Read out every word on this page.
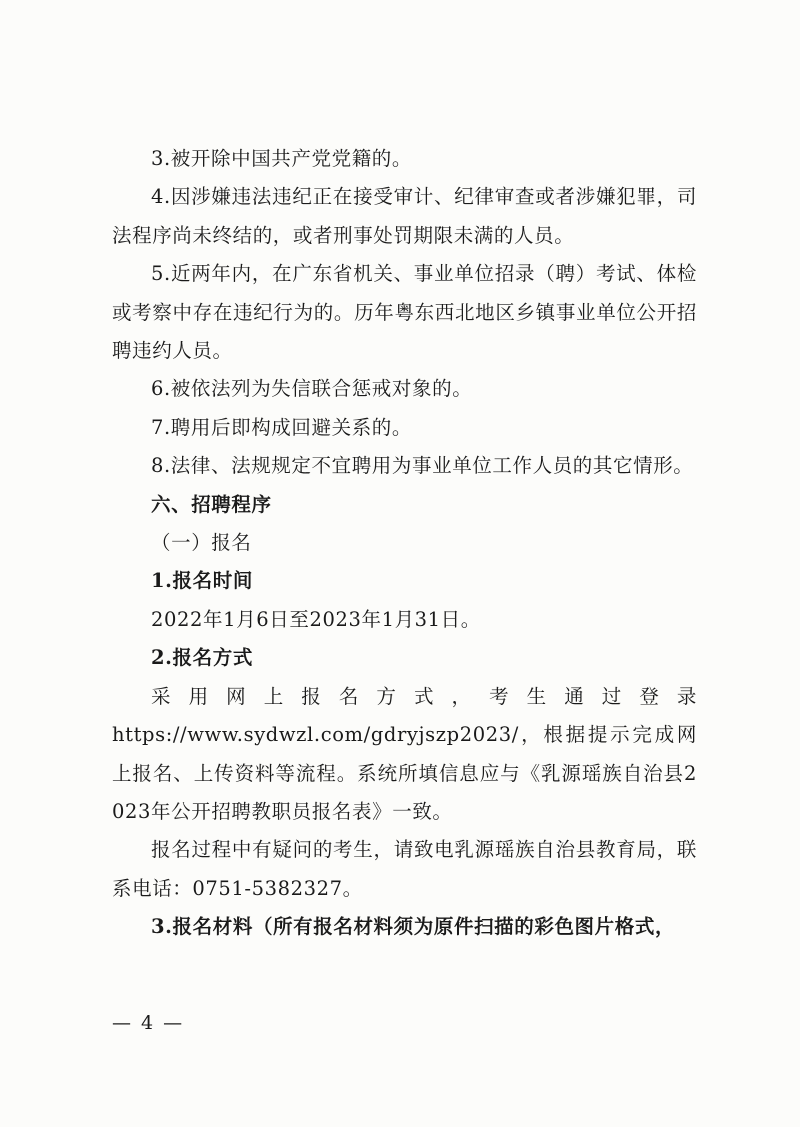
3.被开除中国共产党党籍的。

4.因涉嫌违法违纪正在接受审计、纪律审查或者涉嫌犯罪，司法程序尚未终结的，或者刑事处罚期限未满的人员。

5.近两年内，在广东省机关、事业单位招录（聘）考试、体检或考察中存在违纪行为的。历年粤东西北地区乡镇事业单位公开招聘违约人员。

6.被依法列为失信联合惩戒对象的。

7.聘用后即构成回避关系的。

8.法律、法规规定不宜聘用为事业单位工作人员的其它情形。

六、招聘程序

（一）报名

1.报名时间

2022年1月6日至2023年1月31日。

2.报名方式

采用网上报名方式，考生通过登录

https://www.sydwzl.com/gdryjszp2023/，根据提示完成网上报名、上传资料等流程。系统所填信息应与《乳源瑶族自治县2023年公开招聘教职员报名表》一致。

报名过程中有疑问的考生，请致电乳源瑶族自治县教育局，联系电话：0751-5382327。

3.报名材料（所有报名材料须为原件扫描的彩色图片格式，

— 4 —
